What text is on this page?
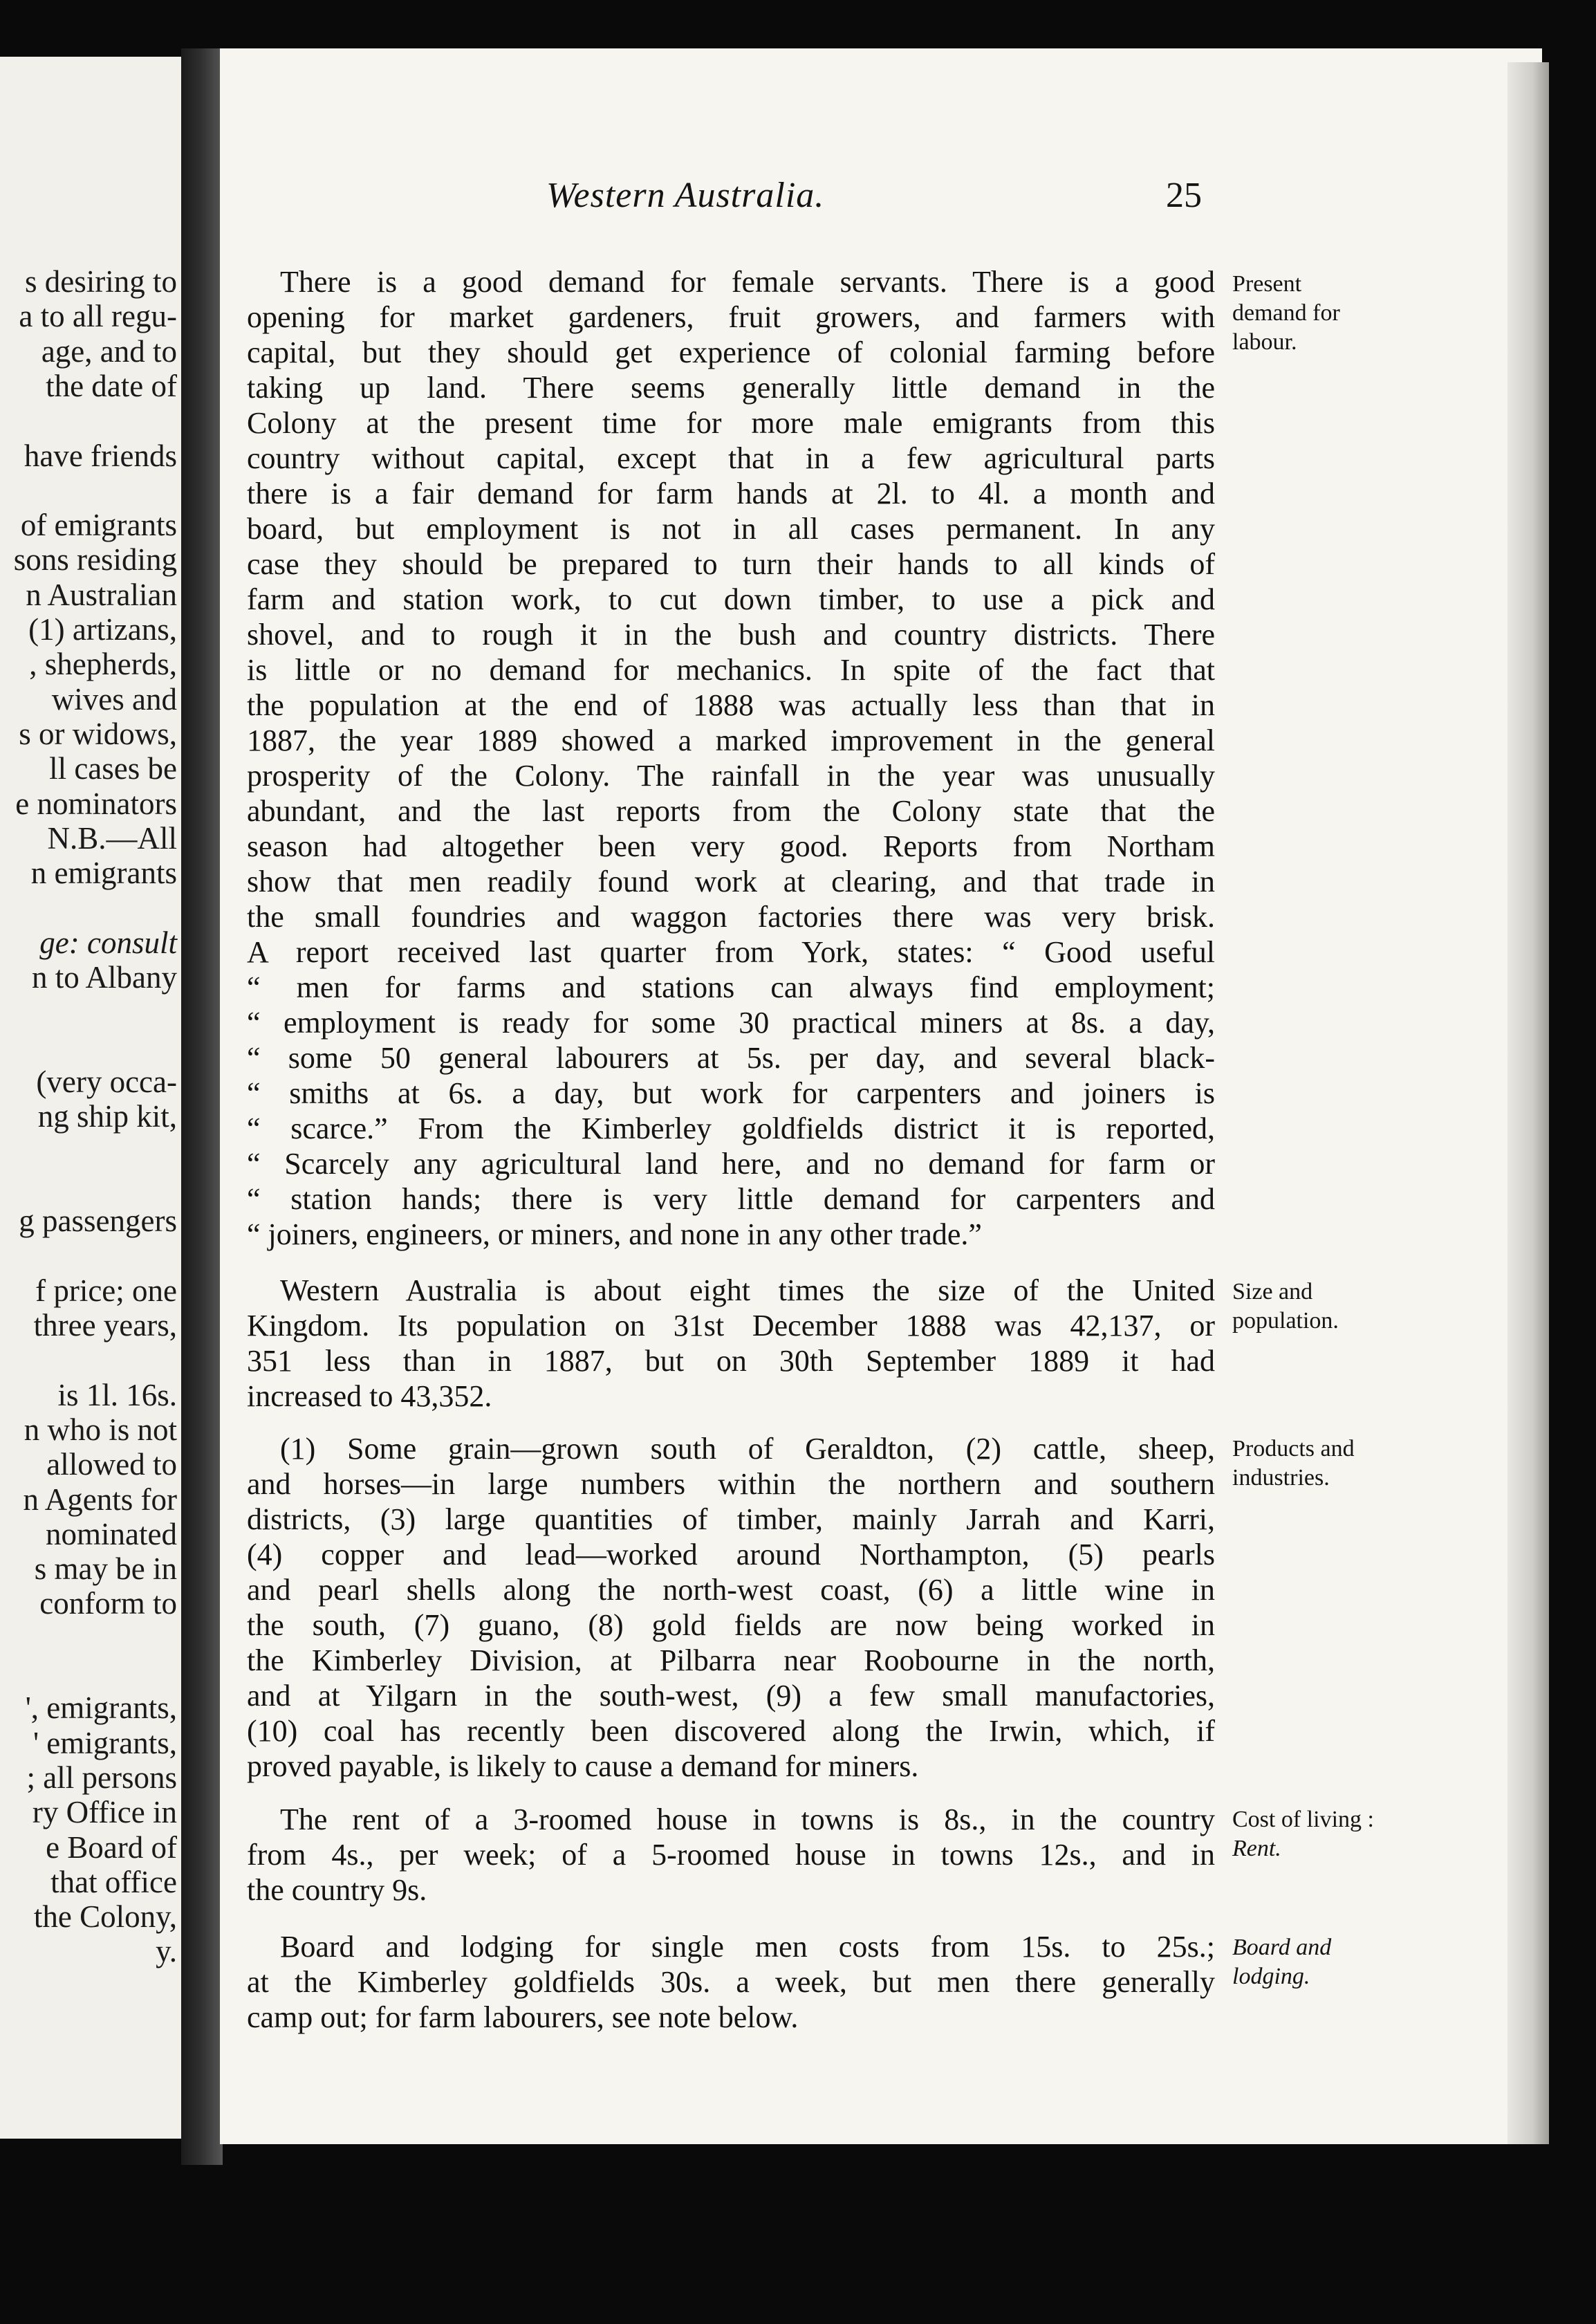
s desiring to
a to all regu-
age, and to
the date of
have friends
of emigrants
sons residing
n Australian
(1) artizans,
, shepherds,
wives and
s or widows,
ll cases be
e nominators
N.B.—All
n emigrants
ge: consult
n to Albany
(very occa-
ng ship kit,
g passengers
f price; one
three years,
is 1l. 16s.
n who is not
allowed to
n Agents for
nominated
s may be in
conform to
', emigrants,
' emigrants,
; all persons
ry Office in
e Board of
that office
the Colony,
y.
Western Australia.	25
There is a good demand for female servants. There is a good
opening for market gardeners, fruit growers, and farmers with
capital, but they should get experience of colonial farming before
taking up land. There seems generally little demand in the
Colony at the present time for more male emigrants from this
country without capital, except that in a few agricultural parts
there is a fair demand for farm hands at 2l. to 4l. a month and
board, but employment is not in all cases permanent. In any
case they should be prepared to turn their hands to all kinds of
farm and station work, to cut down timber, to use a pick and
shovel, and to rough it in the bush and country districts. There
is little or no demand for mechanics. In spite of the fact that
the population at the end of 1888 was actually less than that in
1887, the year 1889 showed a marked improvement in the general
prosperity of the Colony. The rainfall in the year was unusually
abundant, and the last reports from the Colony state that the
season had altogether been very good. Reports from Northam
show that men readily found work at clearing, and that trade in
the small foundries and waggon factories there was very brisk.
A report received last quarter from York, states: “ Good useful
“ men for farms and stations can always find employment;
“ employment is ready for some 30 practical miners at 8s. a day,
“ some 50 general labourers at 5s. per day, and several black-
“ smiths at 6s. a day, but work for carpenters and joiners is
“ scarce.” From the Kimberley goldfields district it is reported,
“ Scarcely any agricultural land here, and no demand for farm or
“ station hands; there is very little demand for carpenters and
“ joiners, engineers, or miners, and none in any other trade.”
Western Australia is about eight times the size of the United
Kingdom. Its population on 31st December 1888 was 42,137, or
351 less than in 1887, but on 30th September 1889 it had
increased to 43,352.
(1) Some grain—grown south of Geraldton, (2) cattle, sheep,
and horses—in large numbers within the northern and southern
districts, (3) large quantities of timber, mainly Jarrah and Karri,
(4) copper and lead—worked around Northampton, (5) pearls
and pearl shells along the north-west coast, (6) a little wine in
the south, (7) guano, (8) gold fields are now being worked in
the Kimberley Division, at Pilbarra near Roobourne in the north,
and at Yilgarn in the south-west, (9) a few small manufactories,
(10) coal has recently been discovered along the Irwin, which, if
proved payable, is likely to cause a demand for miners.
The rent of a 3-roomed house in towns is 8s., in the country
from 4s., per week; of a 5-roomed house in towns 12s., and in
the country 9s.
Board and lodging for single men costs from 15s. to 25s.;
at the Kimberley goldfields 30s. a week, but men there generally
camp out; for farm labourers, see note below.
Present
demand for
labour.
Size and
population.
Products and
industries.
Cost of living :
Rent.
Board and
lodging.
